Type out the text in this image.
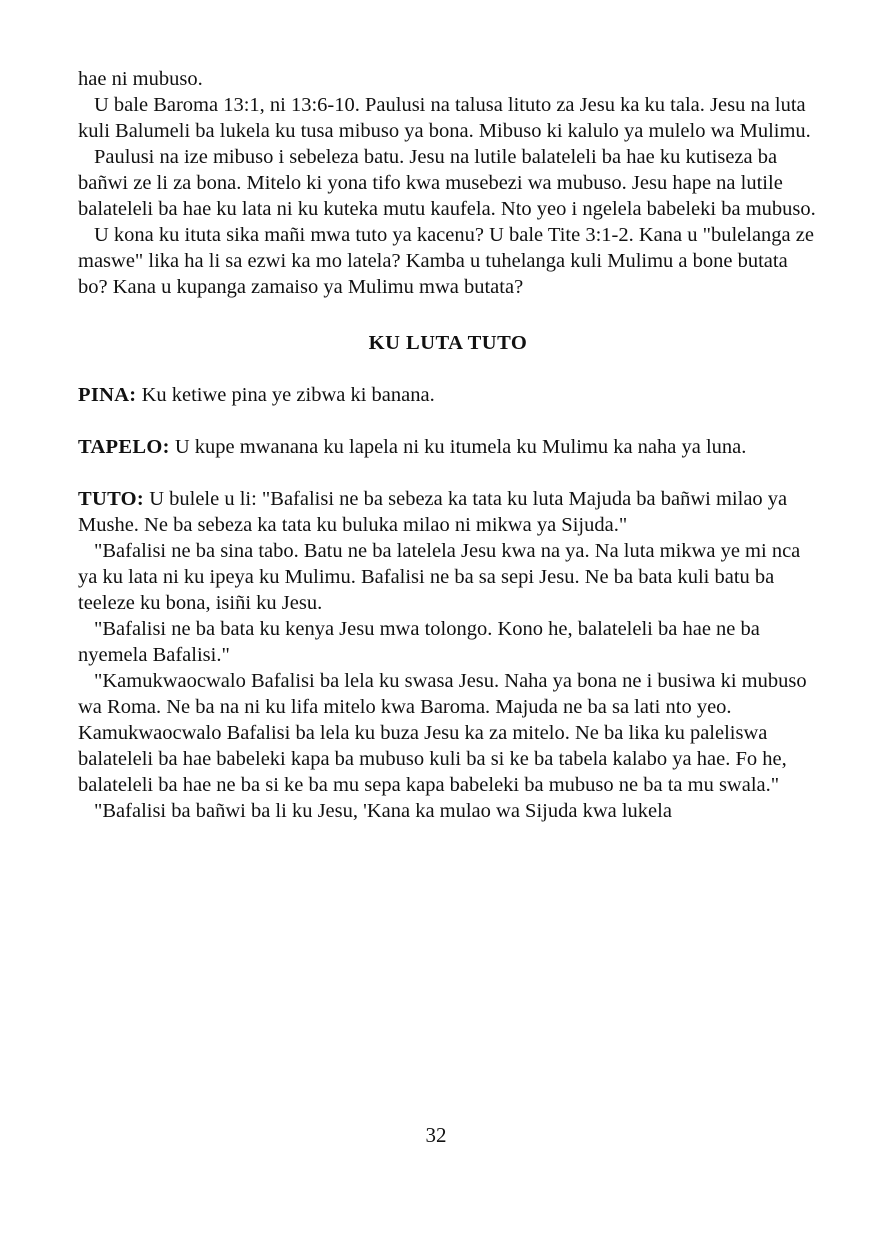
hae ni mubuso.

U bale Baroma 13:1, ni 13:6-10. Paulusi na talusa lituto za Jesu ka ku tala. Jesu na luta kuli Balumeli ba lukela ku tusa mibuso ya bona. Mibuso ki kalulo ya mulelo wa Mulimu.

Paulusi na ize mibuso i sebeleza batu. Jesu na lutile balateleli ba hae ku kutiseza ba bañwi ze li za bona. Mitelo ki yona tifo kwa musebezi wa mubuso. Jesu hape na lutile balateleli ba hae ku lata ni ku kuteka mutu kaufela. Nto yeo i ngelela babeleki ba mubuso.

U kona ku ituta sika mañi mwa tuto ya kacenu? U bale Tite 3:1-2. Kana u "bulelanga ze maswe" lika ha li sa ezwi ka mo latela? Kamba u tuhelanga kuli Mulimu a bone butata bo? Kana u kupanga zamaiso ya Mulimu mwa butata?

KU LUTA TUTO

PINA: Ku ketiwe pina ye zibwa ki banana.

TAPELO: U kupe mwanana ku lapela ni ku itumela ku Mulimu ka naha ya luna.

TUTO: U bulele u li: "Bafalisi ne ba sebeza ka tata ku luta Majuda ba bañwi milao ya Mushe. Ne ba sebeza ka tata ku buluka milao ni mikwa ya Sijuda."

"Bafalisi ne ba sina tabo. Batu ne ba latelela Jesu kwa na ya. Na luta mikwa ye mi nca ya ku lata ni ku ipeya ku Mulimu. Bafalisi ne ba sa sepi Jesu. Ne ba bata kuli batu ba teeleze ku bona, isiñi ku Jesu.

"Bafalisi ne ba bata ku kenya Jesu mwa tolongo. Kono he, balateleli ba hae ne ba nyemela Bafalisi."

"Kamukwaocwalo Bafalisi ba lela ku swasa Jesu. Naha ya bona ne i busiwa ki mubuso wa Roma. Ne ba na ni ku lifa mitelo kwa Baroma. Majuda ne ba sa lati nto yeo. Kamukwaocwalo Bafalisi ba lela ku buza Jesu ka za mitelo. Ne ba lika ku paleliswa balateleli ba hae babeleki kapa ba mubuso kuli ba si ke ba tabela kalabo ya hae. Fo he, balateleli ba hae ne ba si ke ba mu sepa kapa babeleki ba mubuso ne ba ta mu swala."

"Bafalisi ba bañwi ba li ku Jesu, 'Kana ka mulao wa Sijuda kwa lukela

32
